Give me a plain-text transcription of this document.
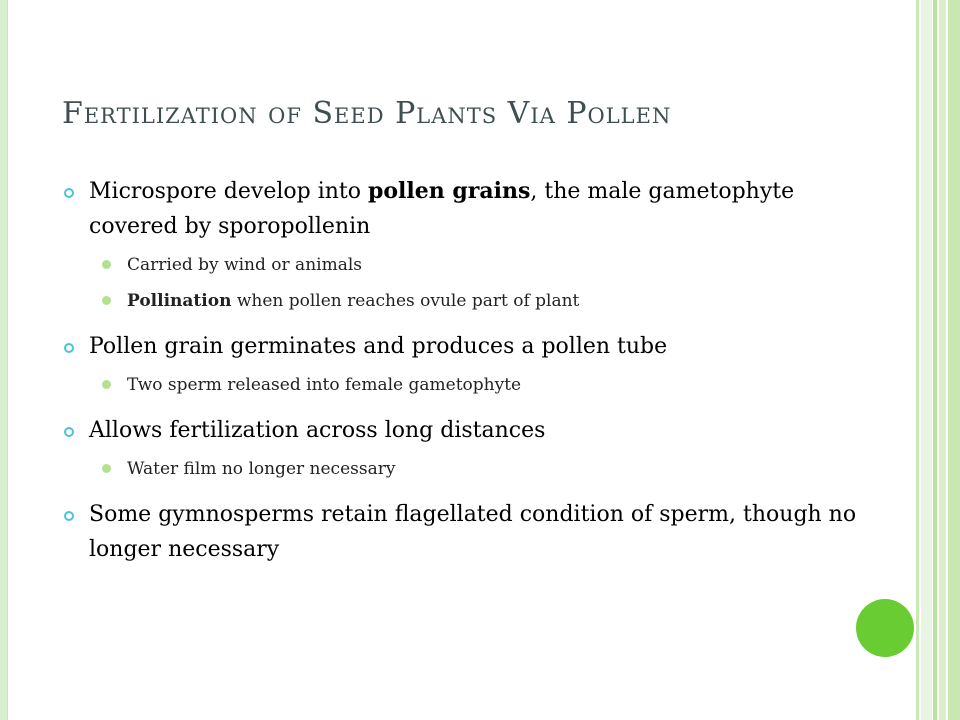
Fertilization of Seed Plants Via Pollen
Microspore develop into pollen grains, the male gametophyte covered by sporopollenin
Carried by wind or animals
Pollination when pollen reaches ovule part of plant
Pollen grain germinates and produces a pollen tube
Two sperm released into female gametophyte
Allows fertilization across long distances
Water film no longer necessary
Some gymnosperms retain flagellated condition of sperm, though no longer necessary
